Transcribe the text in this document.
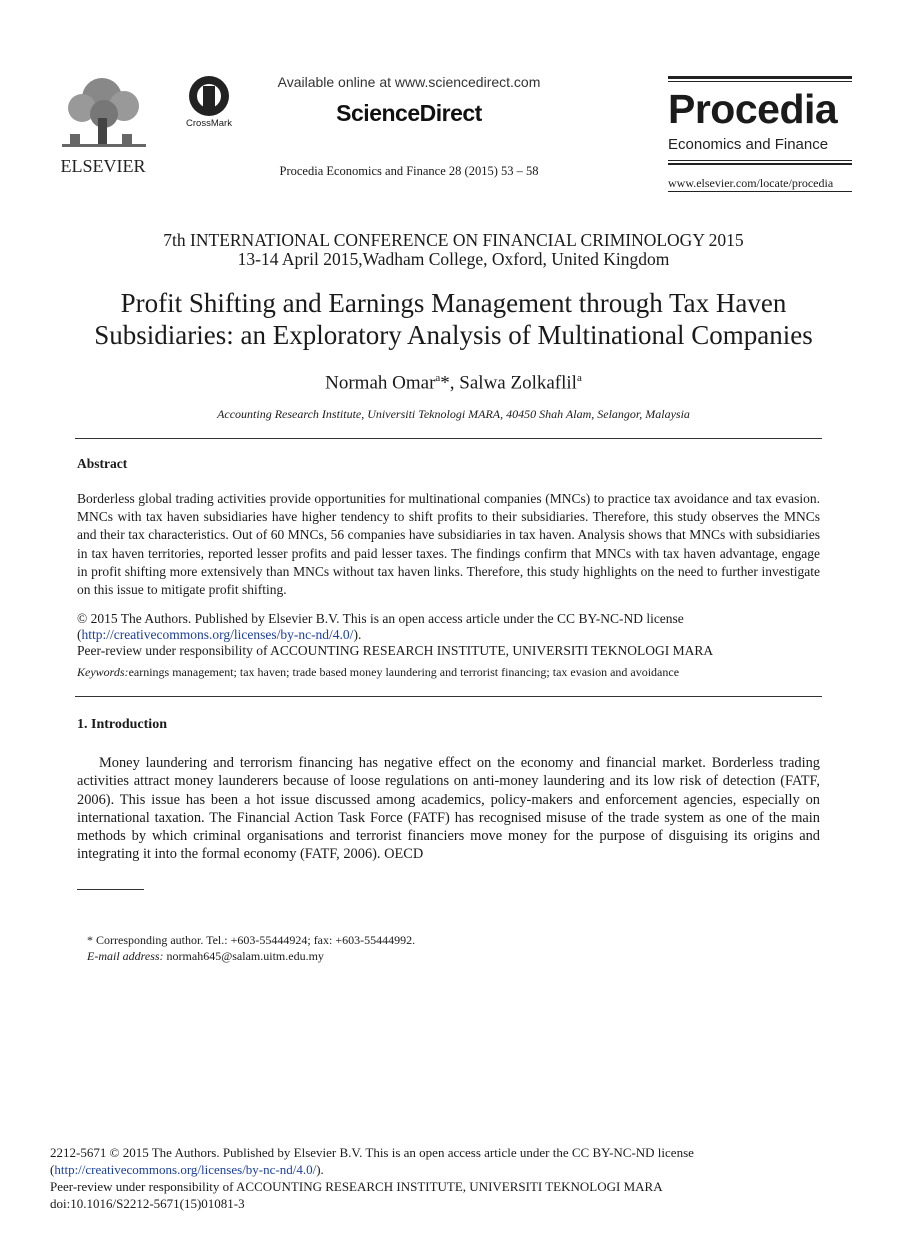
ELSEVIER
CrossMark
Available online at www.sciencedirect.com
ScienceDirect
Procedia Economics and Finance 28 (2015) 53 – 58
Procedia
Economics and Finance
www.elsevier.com/locate/procedia
7th INTERNATIONAL CONFERENCE ON FINANCIAL CRIMINOLOGY 2015
13-14 April 2015,Wadham College, Oxford, United Kingdom
Profit Shifting and Earnings Management through Tax Haven
Subsidiaries: an Exploratory Analysis of Multinational Companies
Normah Omar$^a$*, Salwa Zolkaflil$^a$
Accounting Research Institute, Universiti Teknologi MARA, 40450 Shah Alam, Selangor, Malaysia
Abstract
Borderless global trading activities provide opportunities for multinational companies (MNCs) to practice tax avoidance and tax evasion. MNCs with tax haven subsidiaries have higher tendency to shift profits to their subsidiaries. Therefore, this study observes the MNCs and their tax characteristics. Out of 60 MNCs, 56 companies have subsidiaries in tax haven. Analysis shows that MNCs with subsidiaries in tax haven territories, reported lesser profits and paid lesser taxes. The findings confirm that MNCs with tax haven advantage, engage in profit shifting more extensively than MNCs without tax haven links. Therefore, this study highlights on the need to further investigate on this issue to mitigate profit shifting.
© 2015 The Authors. Published by Elsevier B.V. This is an open access article under the CC BY-NC-ND license
(http://creativecommons.org/licenses/by-nc-nd/4.0/).
Peer-review under responsibility of ACCOUNTING RESEARCH INSTITUTE, UNIVERSITI TEKNOLOGI MARA
Keywords:earnings management; tax haven; trade based money laundering and terrorist financing; tax evasion and avoidance
1. Introduction
Money laundering and terrorism financing has negative effect on the economy and financial market. Borderless trading activities attract money launderers because of loose regulations on anti-money laundering and its low risk of detection (FATF, 2006). This issue has been a hot issue discussed among academics, policy-makers and enforcement agencies, especially on international taxation. The Financial Action Task Force (FATF) has recognised misuse of the trade system as one of the main methods by which criminal organisations and terrorist financiers move money for the purpose of disguising its origins and integrating it into the formal economy (FATF, 2006). OECD
* Corresponding author. Tel.: +603-55444924; fax: +603-55444992.
E-mail address: normah645@salam.uitm.edu.my
2212-5671 © 2015 The Authors. Published by Elsevier B.V. This is an open access article under the CC BY-NC-ND license
(http://creativecommons.org/licenses/by-nc-nd/4.0/).
Peer-review under responsibility of ACCOUNTING RESEARCH INSTITUTE, UNIVERSITI TEKNOLOGI MARA
doi:10.1016/S2212-5671(15)01081-3
